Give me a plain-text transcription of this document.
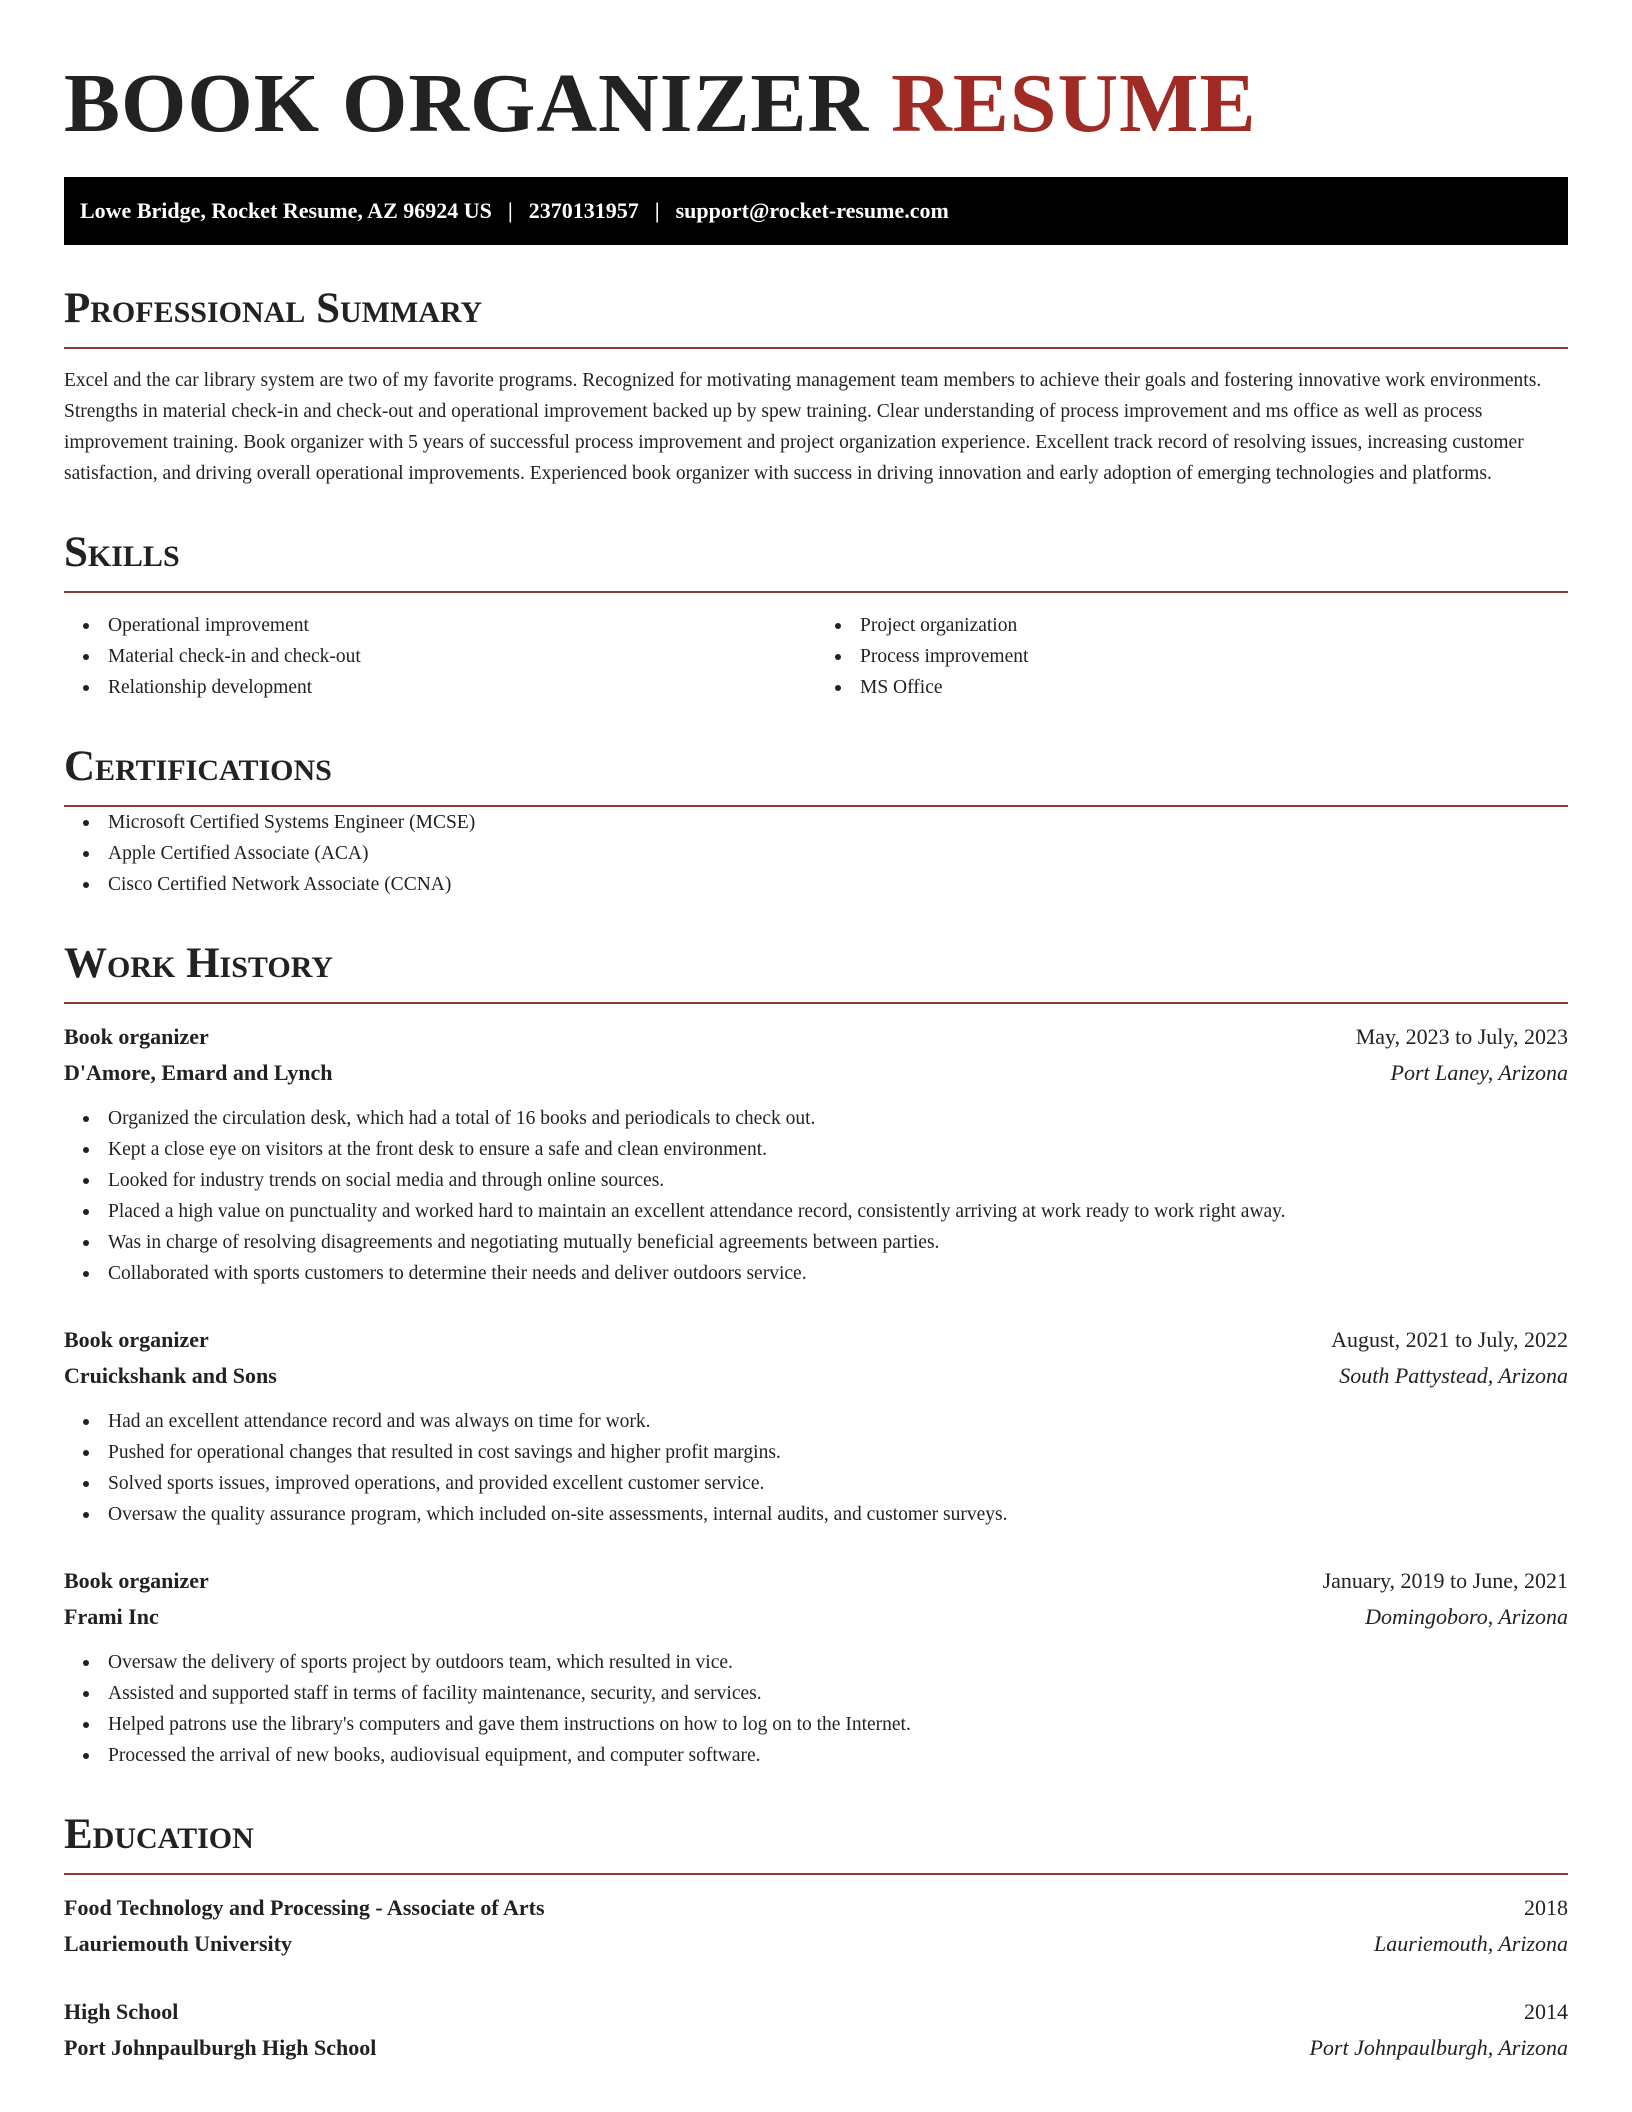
BOOK ORGANIZER RESUME
Lowe Bridge, Rocket Resume, AZ 96924 US | 2370131957 | support@rocket-resume.com
Professional Summary
Excel and the car library system are two of my favorite programs. Recognized for motivating management team members to achieve their goals and fostering innovative work environments. Strengths in material check-in and check-out and operational improvement backed up by spew training. Clear understanding of process improvement and ms office as well as process improvement training. Book organizer with 5 years of successful process improvement and project organization experience. Excellent track record of resolving issues, increasing customer satisfaction, and driving overall operational improvements. Experienced book organizer with success in driving innovation and early adoption of emerging technologies and platforms.
Skills
Operational improvement
Material check-in and check-out
Relationship development
Project organization
Process improvement
MS Office
Certifications
Microsoft Certified Systems Engineer (MCSE)
Apple Certified Associate (ACA)
Cisco Certified Network Associate (CCNA)
Work History
Book organizer	May, 2023 to July, 2023
D'Amore, Emard and Lynch	Port Laney, Arizona
Organized the circulation desk, which had a total of 16 books and periodicals to check out.
Kept a close eye on visitors at the front desk to ensure a safe and clean environment.
Looked for industry trends on social media and through online sources.
Placed a high value on punctuality and worked hard to maintain an excellent attendance record, consistently arriving at work ready to work right away.
Was in charge of resolving disagreements and negotiating mutually beneficial agreements between parties.
Collaborated with sports customers to determine their needs and deliver outdoors service.
Book organizer	August, 2021 to July, 2022
Cruickshank and Sons	South Pattystead, Arizona
Had an excellent attendance record and was always on time for work.
Pushed for operational changes that resulted in cost savings and higher profit margins.
Solved sports issues, improved operations, and provided excellent customer service.
Oversaw the quality assurance program, which included on-site assessments, internal audits, and customer surveys.
Book organizer	January, 2019 to June, 2021
Frami Inc	Domingoboro, Arizona
Oversaw the delivery of sports project by outdoors team, which resulted in vice.
Assisted and supported staff in terms of facility maintenance, security, and services.
Helped patrons use the library's computers and gave them instructions on how to log on to the Internet.
Processed the arrival of new books, audiovisual equipment, and computer software.
Education
Food Technology and Processing - Associate of Arts	2018
Lauriemouth University	Lauriemouth, Arizona
High School	2014
Port Johnpaulburgh High School	Port Johnpaulburgh, Arizona
